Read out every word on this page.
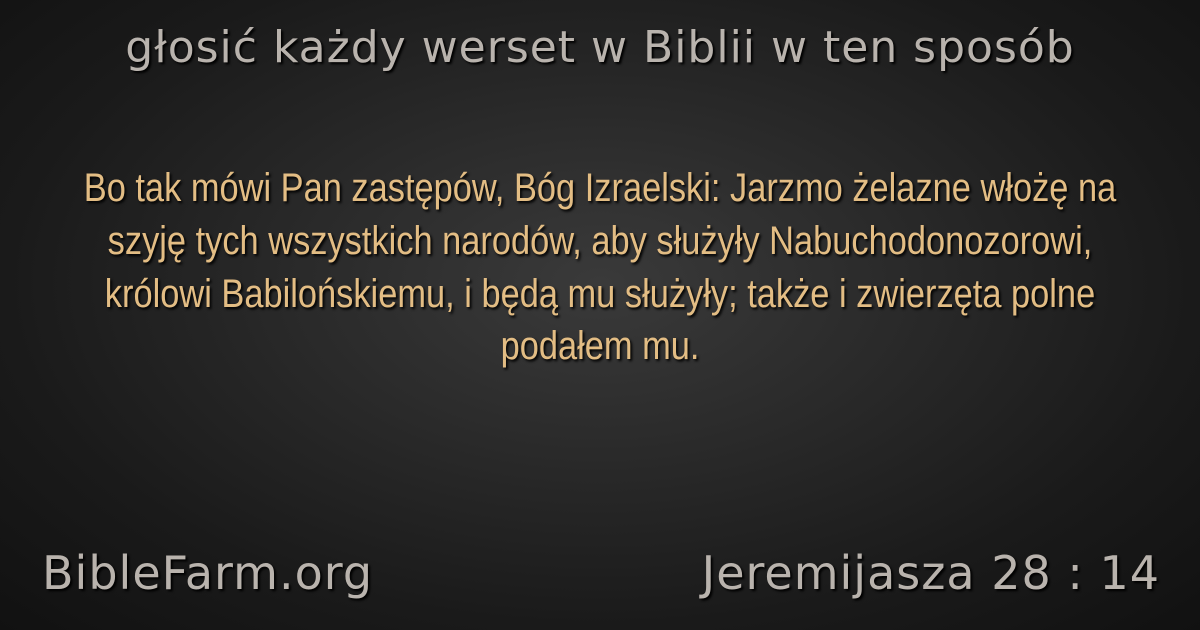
głosić każdy werset w Biblii w ten sposób
Bo tak mówi Pan zastępów, Bóg Izraelski: Jarzmo żelazne włożę na szyję tych wszystkich narodów, aby służyły Nabuchodonozorowi, królowi Babilońskiemu, i będą mu służyły; także i zwierzęta polne podałem mu.
BibleFarm.org	Jeremijasza 28 : 14
